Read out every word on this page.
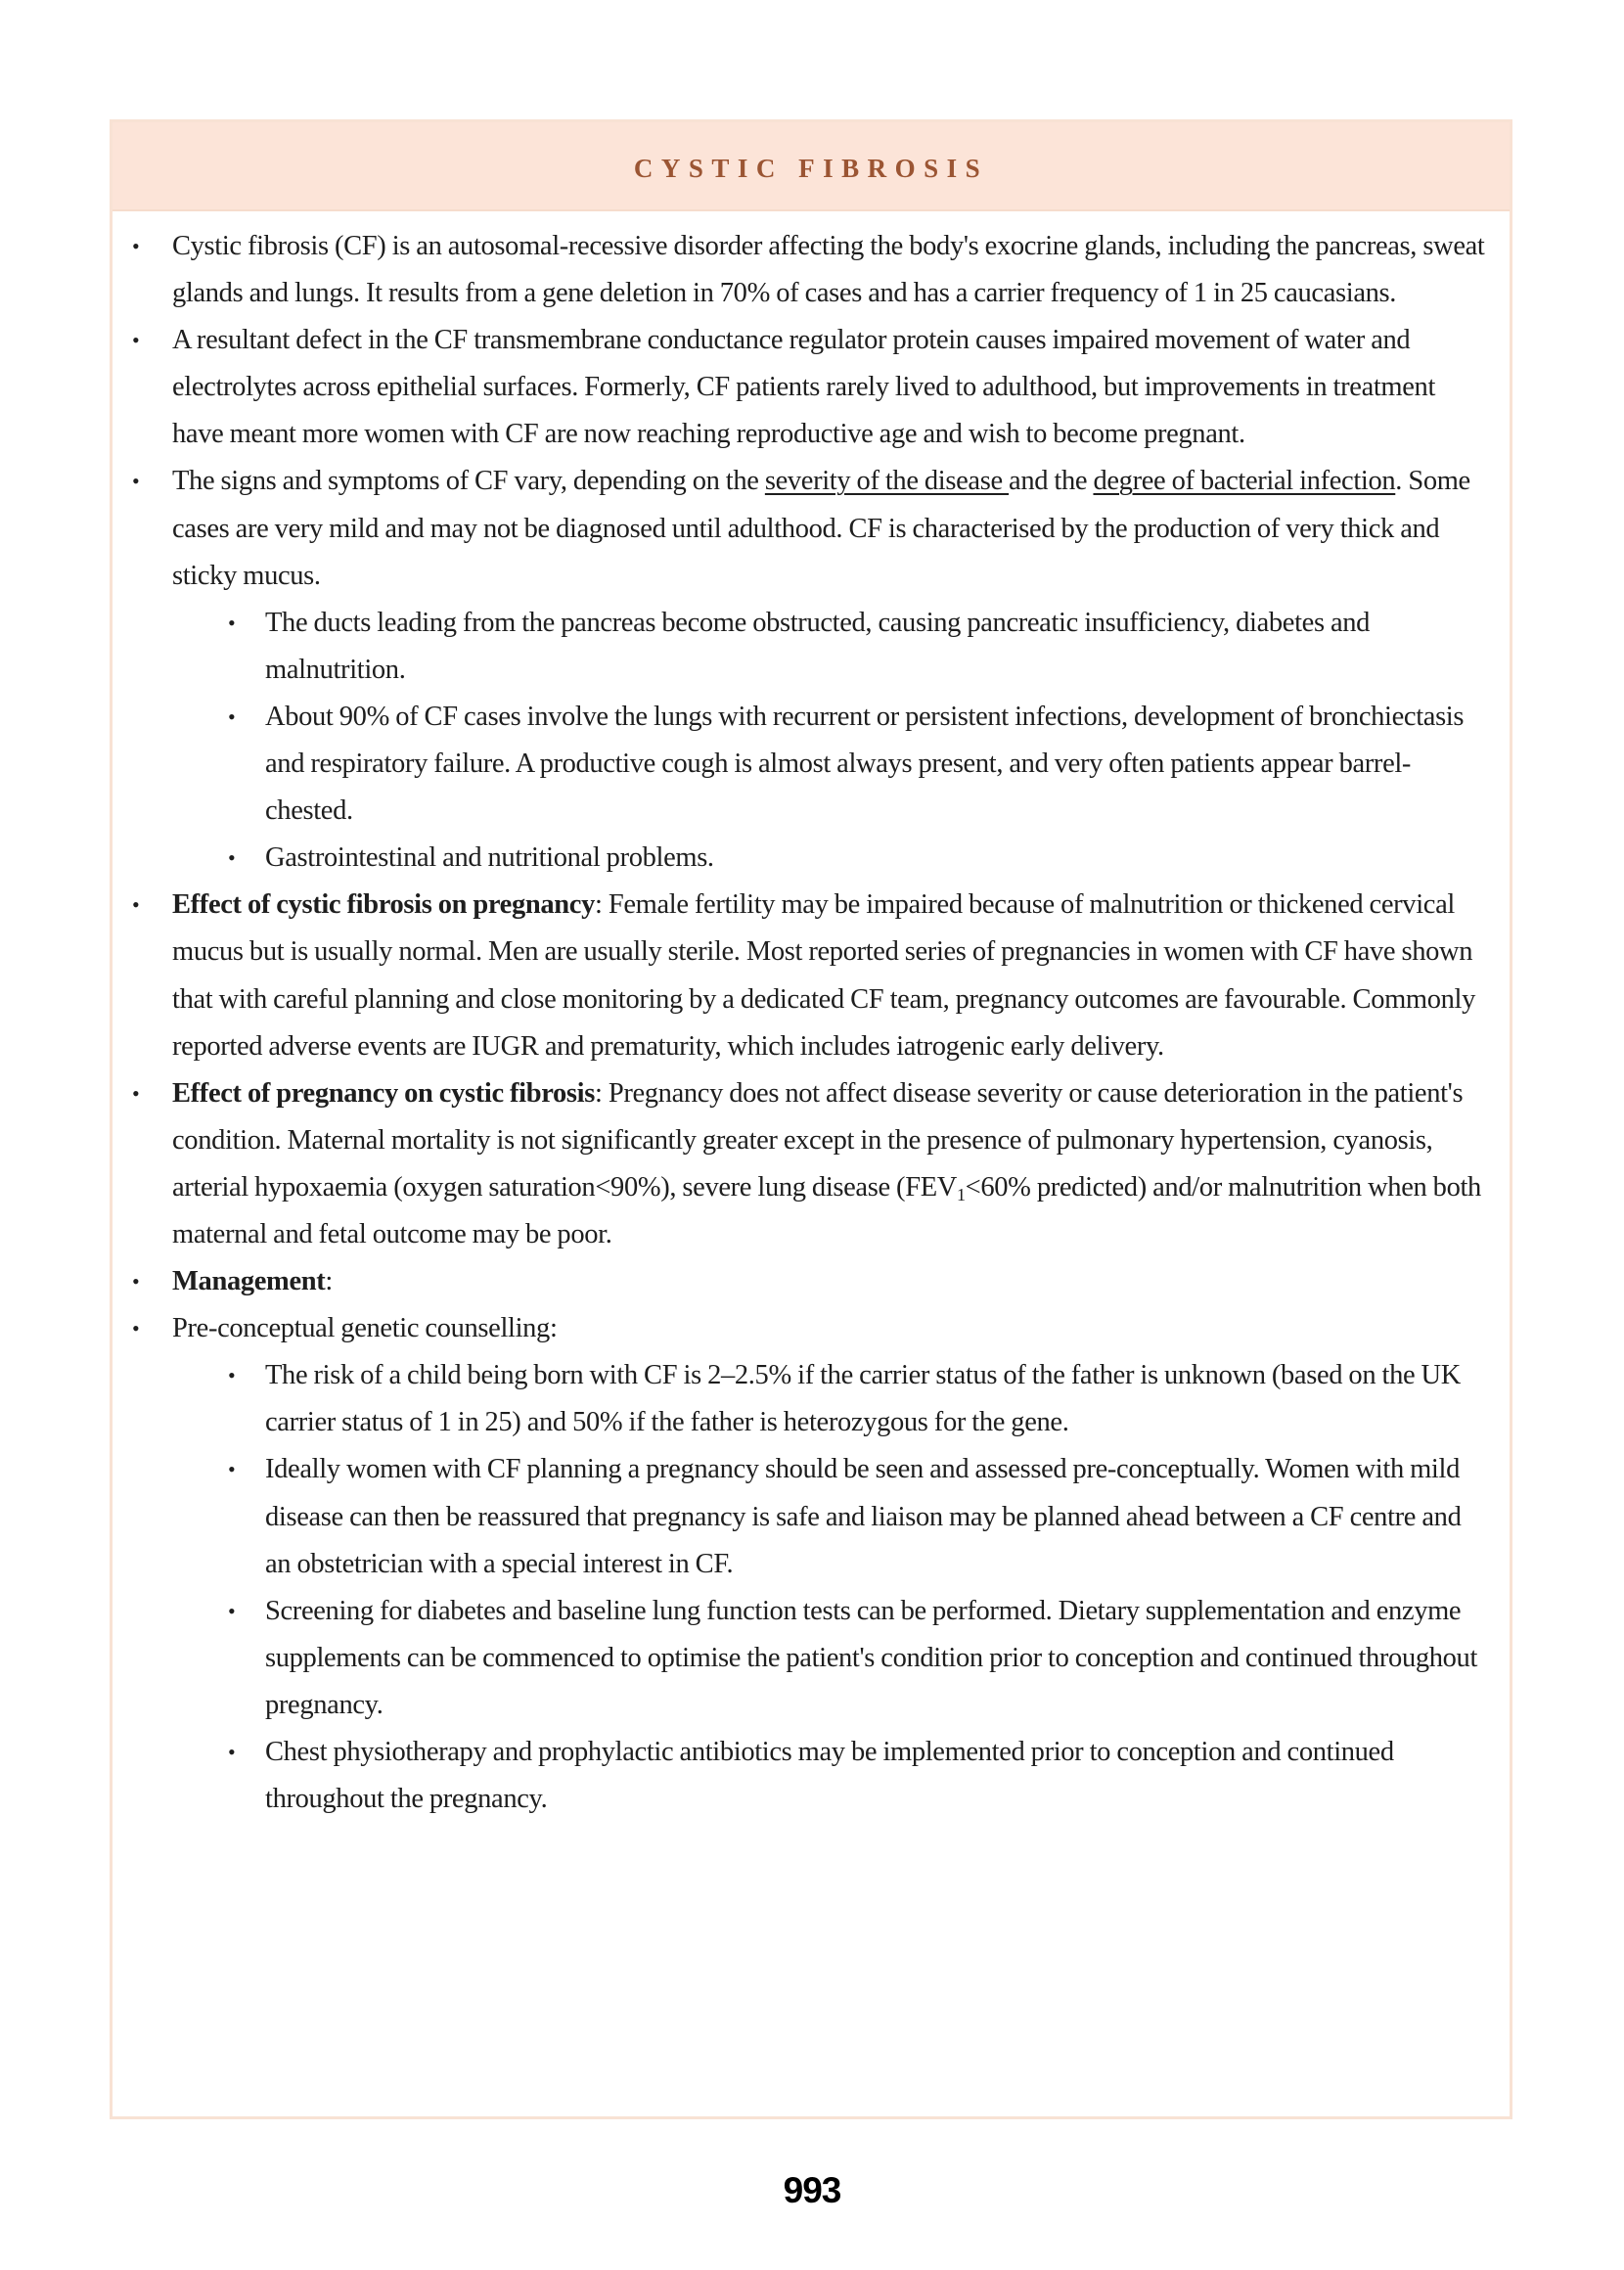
CYSTIC FIBROSIS
• Cystic fibrosis (CF) is an autosomal-recessive disorder affecting the body's exocrine glands, including the pancreas, sweat glands and lungs. It results from a gene deletion in 70% of cases and has a carrier frequency of 1 in 25 caucasians.
• A resultant defect in the CF transmembrane conductance regulator protein causes impaired movement of water and electrolytes across epithelial surfaces. Formerly, CF patients rarely lived to adulthood, but improvements in treatment have meant more women with CF are now reaching reproductive age and wish to become pregnant.
• The signs and symptoms of CF vary, depending on the severity of the disease and the degree of bacterial infection. Some cases are very mild and may not be diagnosed until adulthood. CF is characterised by the production of very thick and sticky mucus.
• The ducts leading from the pancreas become obstructed, causing pancreatic insufficiency, diabetes and malnutrition.
• About 90% of CF cases involve the lungs with recurrent or persistent infections, development of bronchiectasis and respiratory failure. A productive cough is almost always present, and very often patients appear barrel-chested.
• Gastrointestinal and nutritional problems.
• Effect of cystic fibrosis on pregnancy: Female fertility may be impaired because of malnutrition or thickened cervical mucus but is usually normal. Men are usually sterile. Most reported series of pregnancies in women with CF have shown that with careful planning and close monitoring by a dedicated CF team, pregnancy outcomes are favourable. Commonly reported adverse events are IUGR and prematurity, which includes iatrogenic early delivery.
• Effect of pregnancy on cystic fibrosis: Pregnancy does not affect disease severity or cause deterioration in the patient's condition. Maternal mortality is not significantly greater except in the presence of pulmonary hypertension, cyanosis, arterial hypoxaemia (oxygen saturation<90%), severe lung disease ($FEV_1<60\%$ predicted) and/or malnutrition when both maternal and fetal outcome may be poor.
• Management:
• Pre-conceptual genetic counselling:
• The risk of a child being born with CF is 2–2.5% if the carrier status of the father is unknown (based on the UK carrier status of 1 in 25) and 50% if the father is heterozygous for the gene.
• Ideally women with CF planning a pregnancy should be seen and assessed pre-conceptually. Women with mild disease can then be reassured that pregnancy is safe and liaison may be planned ahead between a CF centre and an obstetrician with a special interest in CF.
• Screening for diabetes and baseline lung function tests can be performed. Dietary supplementation and enzyme supplements can be commenced to optimise the patient's condition prior to conception and continued throughout pregnancy.
• Chest physiotherapy and prophylactic antibiotics may be implemented prior to conception and continued throughout the pregnancy.
993
